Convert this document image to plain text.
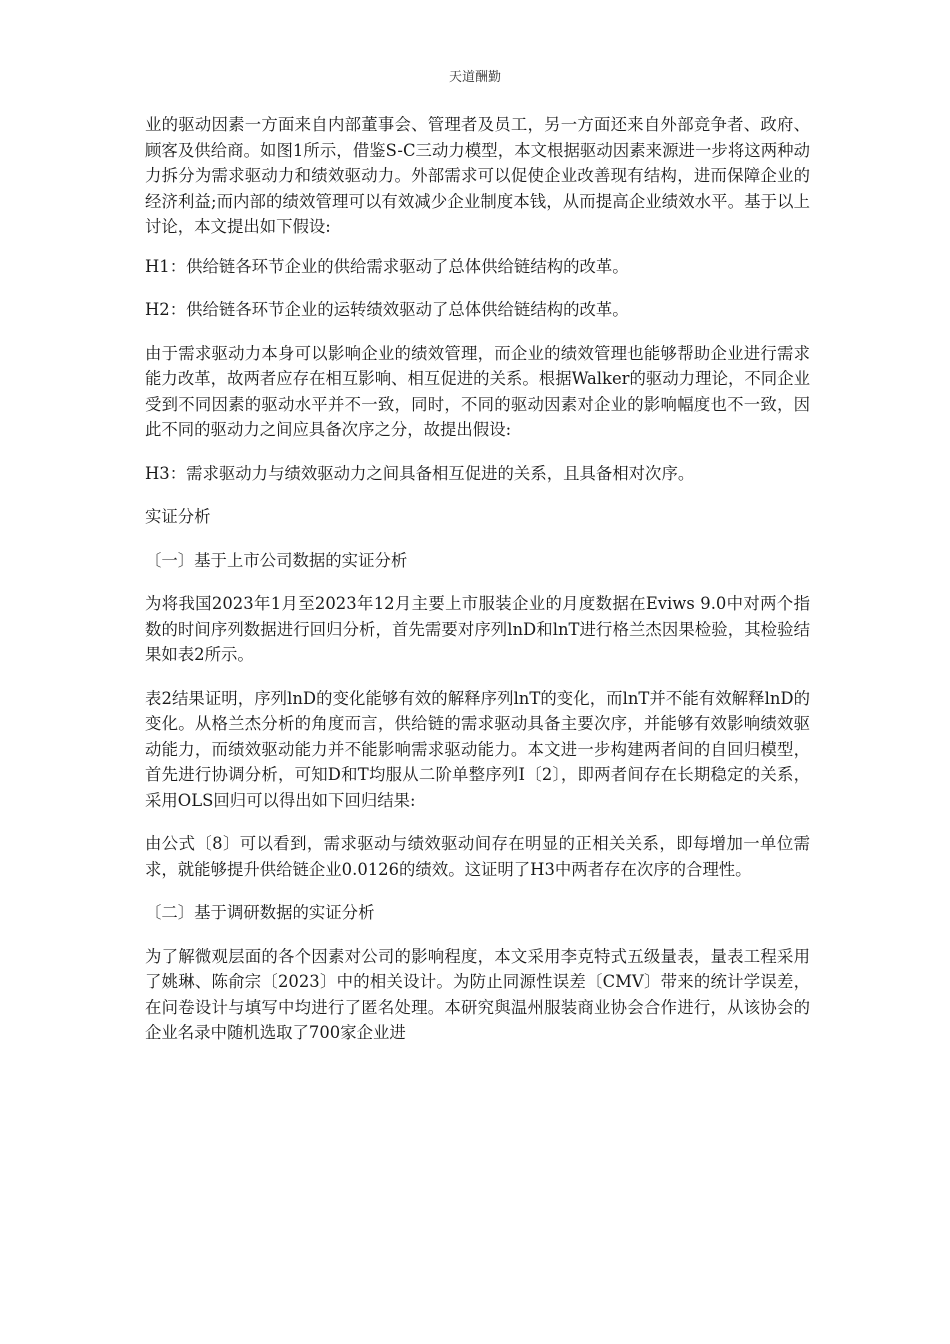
天道酬勤

业的驱动因素一方面来自内部董事会、管理者及员工，另一方面还来自外部竞争者、政府、顾客及供给商。如图1所示，借鉴S-C三动力模型，本文根据驱动因素来源进一步将这两种动力拆分为需求驱动力和绩效驱动力。外部需求可以促使企业改善现有结构，进而保障企业的经济利益;而内部的绩效管理可以有效减少企业制度本钱，从而提高企业绩效水平。基于以上讨论，本文提出如下假设:

H1：供给链各环节企业的供给需求驱动了总体供给链结构的改革。

H2：供给链各环节企业的运转绩效驱动了总体供给链结构的改革。

由于需求驱动力本身可以影响企业的绩效管理，而企业的绩效管理也能够帮助企业进行需求能力改革，故两者应存在相互影响、相互促进的关系。根据Walker的驱动力理论，不同企业受到不同因素的驱动水平并不一致，同时，不同的驱动因素对企业的影响幅度也不一致，因此不同的驱动力之间应具备次序之分，故提出假设:

H3：需求驱动力与绩效驱动力之间具备相互促进的关系，且具备相对次序。

实证分析

〔一〕基于上市公司数据的实证分析

为将我国2023年1月至2023年12月主要上市服装企业的月度数据在Eviws 9.0中对两个指数的时间序列数据进行回归分析，首先需要对序列lnD和lnT进行格兰杰因果检验，其检验结果如表2所示。

表2结果证明，序列lnD的变化能够有效的解释序列lnT的变化，而lnT并不能有效解释lnD的变化。从格兰杰分析的角度而言，供给链的需求驱动具备主要次序，并能够有效影响绩效驱动能力，而绩效驱动能力并不能影响需求驱动能力。本文进一步构建两者间的自回归模型，首先进行协调分析，可知D和T均服从二阶单整序列I〔2〕，即两者间存在长期稳定的关系，采用OLS回归可以得出如下回归结果:

由公式〔8〕可以看到，需求驱动与绩效驱动间存在明显的正相关关系，即每增加一单位需求，就能够提升供给链企业0.0126的绩效。这证明了H3中两者存在次序的合理性。

〔二〕基于调研数据的实证分析

为了解微观层面的各个因素对公司的影响程度，本文采用李克特式五级量表，量表工程采用了姚琳、陈俞宗〔2023〕中的相关设计。为防止同源性误差〔CMV〕带来的统计学误差，在问卷设计与填写中均进行了匿名处理。本研究與温州服装商业协会合作进行，从该协会的企业名录中随机选取了700家企业进
